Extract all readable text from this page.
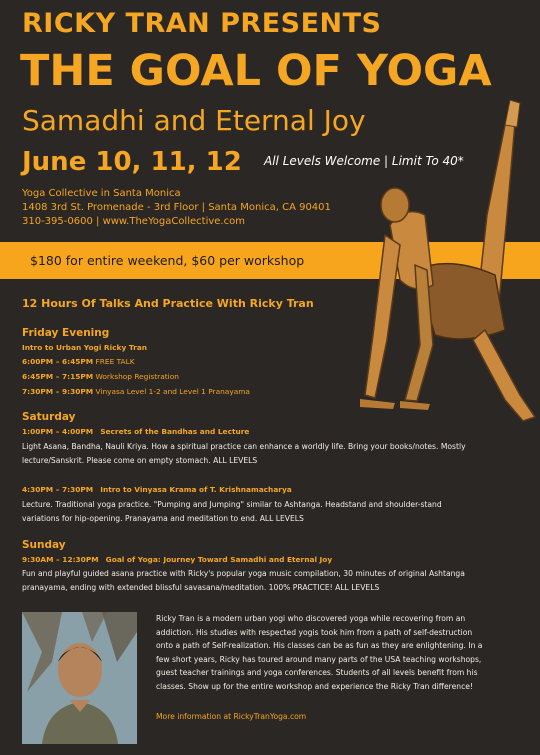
RICKY TRAN PRESENTS
THE GOAL OF YOGA
Samadhi and Eternal Joy
June 10, 11, 12 All Levels Welcome | Limit To 40*
Yoga Collective in Santa Monica
1408 3rd St. Promenade - 3rd Floor | Santa Monica, CA 90401
310-395-0600 | www.TheYogaCollective.com
$180 for entire weekend, $60 per workshop
12 Hours Of Talks And Practice With Ricky Tran
Friday Evening
Intro to Urban Yogi Ricky Tran
6:00PM – 6:45PM FREE TALK
6:45PM – 7:15PM Workshop Registration
7:30PM – 9:30PM Vinyasa Level 1-2 and Level 1 Pranayama
Saturday
1:00PM – 4:00PM Secrets of the Bandhas and Lecture
Light Asana, Bandha, Nauli Kriya. How a spiritual practice can enhance a worldly life. Bring your books/notes. Mostly
lecture/Sanskrit. Please come on empty stomach. ALL LEVELS
4:30PM – 7:30PM Intro to Vinyasa Krama of T. Krishnamacharya
Lecture. Traditional yoga practice. "Pumping and Jumping" similar to Ashtanga. Headstand and shoulder-stand
variations for hip-opening. Pranayama and meditation to end. ALL LEVELS
Sunday
9:30AM – 12:30PM Goal of Yoga: Journey Toward Samadhi and Eternal Joy
Fun and playful guided asana practice with Ricky's popular yoga music compilation, 30 minutes of original Ashtanga
pranayama, ending with extended blissful savasana/meditation. 100% PRACTICE! ALL LEVELS
Ricky Tran is a modern urban yogi who discovered yoga while recovering from an
addiction. His studies with respected yogis took him from a path of self-destruction
onto a path of Self-realization. His classes can be as fun as they are enlightening. In a
few short years, Ricky has toured around many parts of the USA teaching workshops,
guest teacher trainings and yoga conferences. Students of all levels benefit from his
classes. Show up for the entire workshop and experience the Ricky Tran difference!
More information at RickyTranYoga.com
